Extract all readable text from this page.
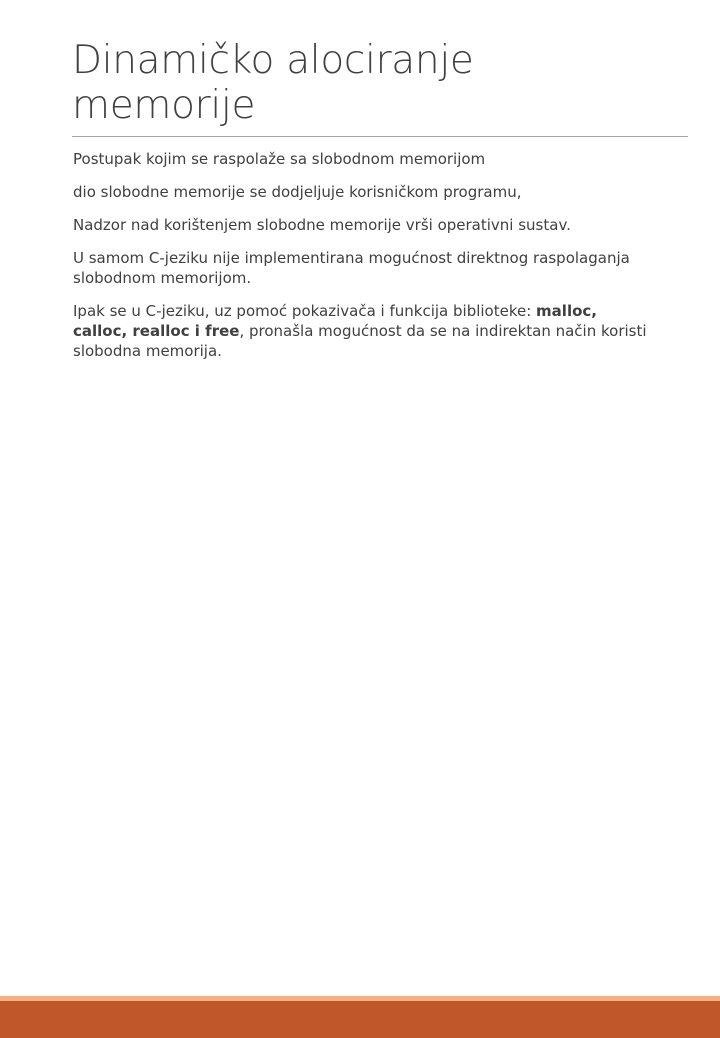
Dinamičko alociranje
memorije

Postupak kojim se raspolaže sa slobodnom memorijom

dio slobodne memorije se dodjeljuje korisničkom programu,

Nadzor nad korištenjem slobodne memorije vrši operativni sustav.

U samom C-jeziku nije implementirana mogućnost direktnog raspolaganja slobodnom memorijom.

Ipak se u C-jeziku, uz pomoć pokazivača i funkcija biblioteke: malloc, calloc, realloc i free, pronašla mogućnost da se na indirektan način koristi slobodna memorija.
